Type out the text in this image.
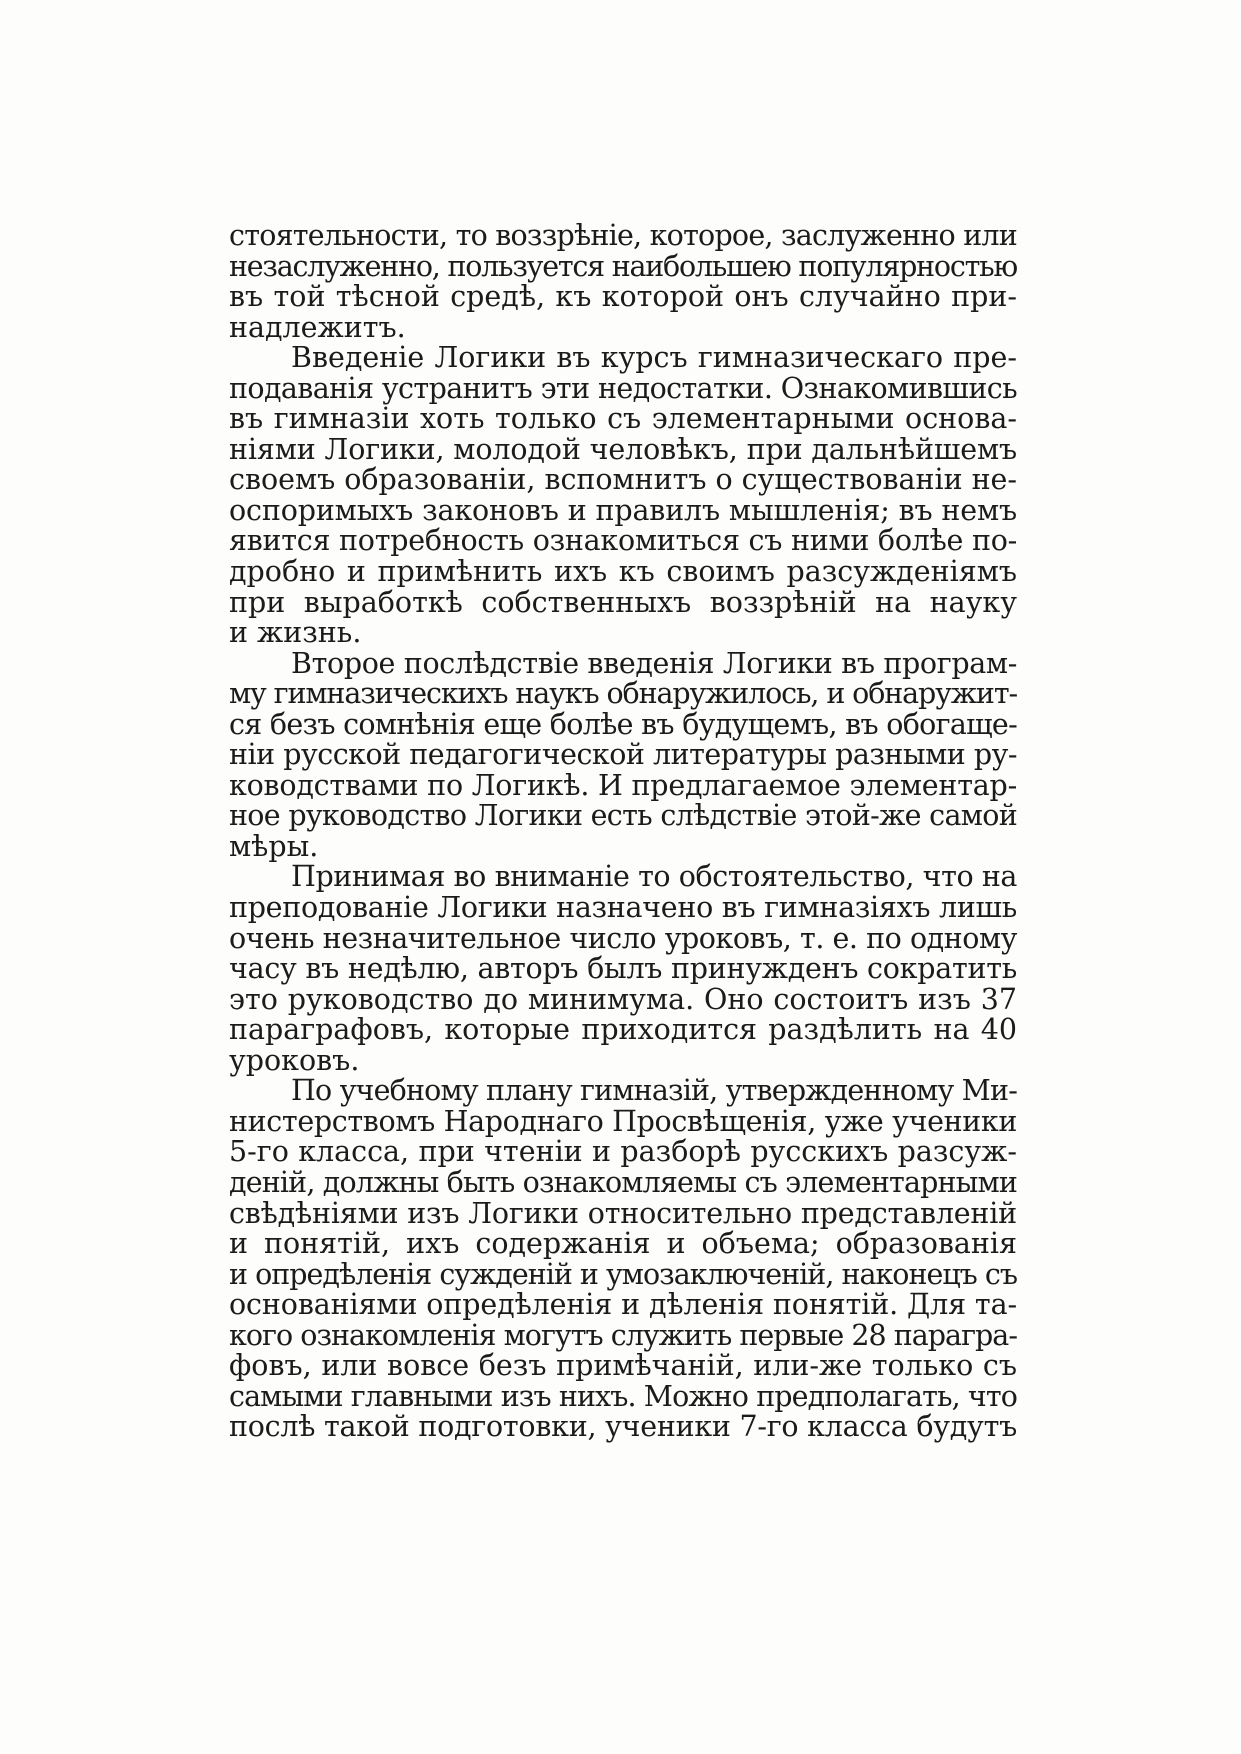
стоятельности, то воззрѣніе, которое, заслуженно или
незаслуженно, пользуется наибольшею популярностью
въ той тѣсной средѣ, къ которой онъ случайно при-
надлежитъ.
Введеніе Логики въ курсъ гимназическаго пре-
подаванія устранитъ эти недостатки. Ознакомившись
въ гимназіи хоть только съ элементарными основа-
ніями Логики, молодой человѣкъ, при дальнѣйшемъ
своемъ образованіи, вспомнитъ о существованіи не-
оспоримыхъ законовъ и правилъ мышленія; въ немъ
явится потребность ознакомиться съ ними болѣе по-
дробно и примѣнить ихъ къ своимъ разсужденіямъ
при выработкѣ собственныхъ воззрѣній на науку
и жизнь.
Второе послѣдствіе введенія Логики въ програм-
му гимназическихъ наукъ обнаружилось, и обнаружит-
ся безъ сомнѣнія еще болѣе въ будущемъ, въ обогаще-
ніи русской педагогической литературы разными ру-
ководствами по Логикѣ. И предлагаемое элементар-
ное руководство Логики есть слѣдствіе этой-же самой
мѣры.
Принимая во вниманіе то обстоятельство, что на
преподованіе Логики назначено въ гимназіяхъ лишь
очень незначительное число уроковъ, т. е. по одному
часу въ недѣлю, авторъ былъ принужденъ сократить
это руководство до минимума. Оно состоитъ изъ 37
параграфовъ, которые приходится раздѣлить на 40
уроковъ.
По учебному плану гимназій, утвержденному Ми-
нистерствомъ Народнаго Просвѣщенія, уже ученики
5-го класса, при чтеніи и разборѣ русскихъ разсуж-
деній, должны быть ознакомляемы съ элементарными
свѣдѣніями изъ Логики относительно представленій
и понятій, ихъ содержанія и объема; образованія
и опредѣленія сужденій и умозаключеній, наконецъ съ
основаніями опредѣленія и дѣленія понятій. Для та-
кого ознакомленія могутъ служить первые 28 парагра-
фовъ, или вовсе безъ примѣчаній, или-же только съ
самыми главными изъ нихъ. Можно предполагать, что
послѣ такой подготовки, ученики 7-го класса будутъ
